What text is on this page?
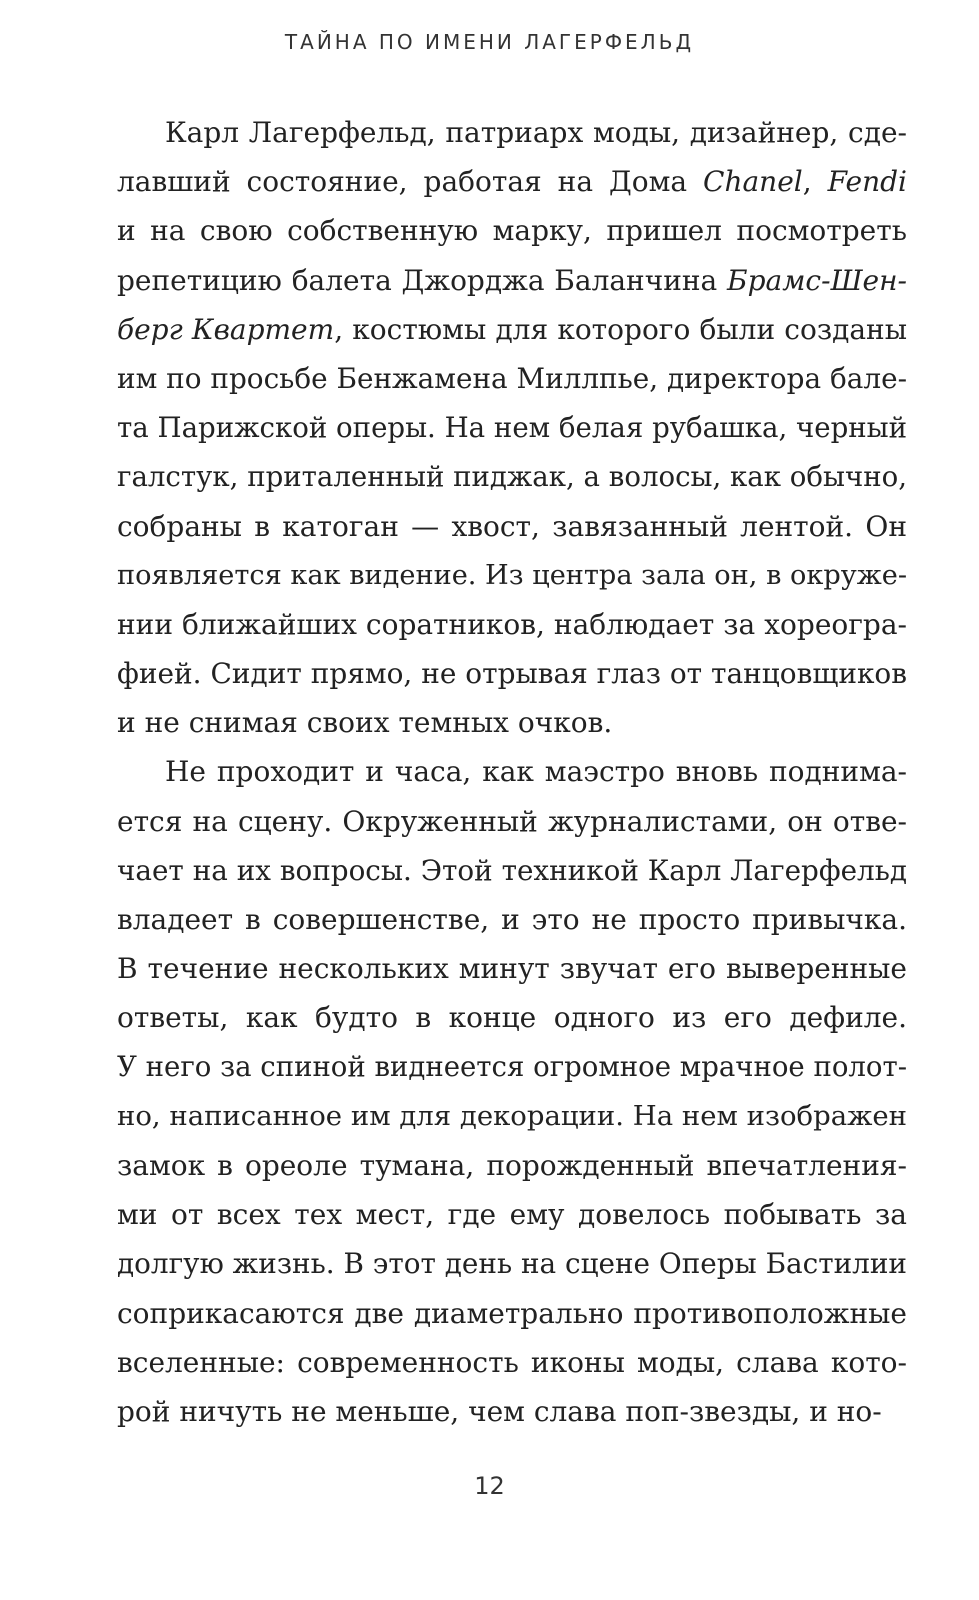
ТАЙНА ПО ИМЕНИ ЛАГЕРФЕЛЬД
Карл Лагерфельд, патриарх моды, дизайнер, сде-
лавший состояние, работая на Дома Chanel, Fendi
и на свою собственную марку, пришел посмотреть
репетицию балета Джорджа Баланчина Брамс-Шен-
берг Квартет, костюмы для которого были созданы
им по просьбе Бенжамена Миллпье, директора бале-
та Парижской оперы. На нем белая рубашка, черный
галстук, приталенный пиджак, а волосы, как обычно,
собраны в катоган — хвост, завязанный лентой. Он
появляется как видение. Из центра зала он, в окруже-
нии ближайших соратников, наблюдает за хореогра-
фией. Сидит прямо, не отрывая глаз от танцовщиков
и не снимая своих темных очков.
Не проходит и часа, как маэстро вновь поднима-
ется на сцену. Окруженный журналистами, он отве-
чает на их вопросы. Этой техникой Карл Лагерфельд
владеет в совершенстве, и это не просто привычка.
В течение нескольких минут звучат его выверенные
ответы, как будто в конце одного из его дефиле.
У него за спиной виднеется огромное мрачное полот-
но, написанное им для декорации. На нем изображен
замок в ореоле тумана, порожденный впечатления-
ми от всех тех мест, где ему довелось побывать за
долгую жизнь. В этот день на сцене Оперы Бастилии
соприкасаются две диаметрально противоположные
вселенные: современность иконы моды, слава кото-
рой ничуть не меньше, чем слава поп-звезды, и но-
12
